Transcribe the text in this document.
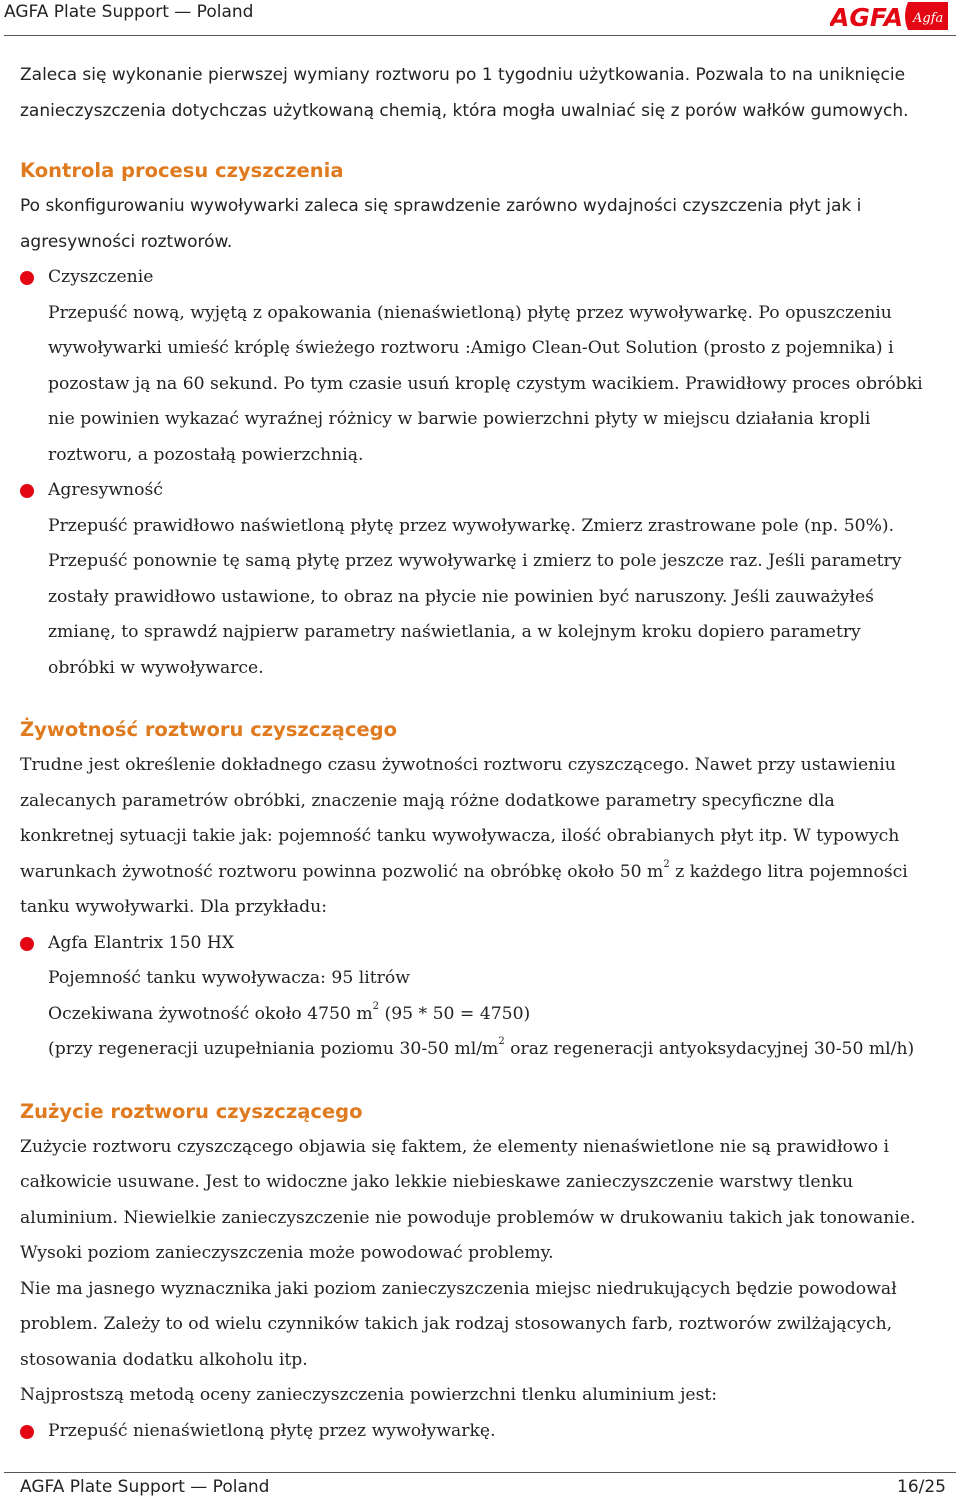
AGFA Plate Support — Poland	AGFA Agfa

Zaleca się wykonanie pierwszej wymiany roztworu po 1 tygodniu użytkowania. Pozwala to na uniknięcie zanieczyszczenia dotychczas użytkowaną chemią, która mogła uwalniać się z porów wałków gumowych.

Kontrola procesu czyszczenia

Po skonfigurowaniu wywoływarki zaleca się sprawdzenie zarówno wydajności czyszczenia płyt jak i agresywności roztworów.

Czyszczenie

Przepuść nową, wyjętą z opakowania (nienaświetloną) płytę przez wywoływarkę. Po opuszczeniu wywoływarki umieść króplę świeżego roztworu :Amigo Clean-Out Solution (prosto z pojemnika) i pozostaw ją na 60 sekund. Po tym czasie usuń kroplę czystym wacikiem. Prawidłowy proces obróbki nie powinien wykazać wyraźnej różnicy w barwie powierzchni płyty w miejscu działania kropli roztworu, a pozostałą powierzchnią.

Agresywność

Przepuść prawidłowo naświetloną płytę przez wywoływarkę. Zmierz zrastrowane pole (np. 50%). Przepuść ponownie tę samą płytę przez wywoływarkę i zmierz to pole jeszcze raz. Jeśli parametry zostały prawidłowo ustawione, to obraz na płycie nie powinien być naruszony. Jeśli zauważyłeś zmianę, to sprawdź najpierw parametry naświetlania, a w kolejnym kroku dopiero parametry obróbki w wywoływarce.

Żywotność roztworu czyszczącego

Trudne jest określenie dokładnego czasu żywotności roztworu czyszczącego. Nawet przy ustawieniu zalecanych parametrów obróbki, znaczenie mają różne dodatkowe parametry specyficzne dla konkretnej sytuacji takie jak: pojemność tanku wywoływacza, ilość obrabianych płyt itp. W typowych warunkach żywotność roztworu powinna pozwolić na obróbkę około 50 $m^2$ z każdego litra pojemności tanku wywoływarki. Dla przykładu:

Agfa Elantrix 150 HX

Pojemność tanku wywoływacza: 95 litrów

Oczekiwana żywotność około 4750 $m^2$ (95 * 50 = 4750)

(przy regeneracji uzupełniania poziomu 30-50 $ml/m^2$ oraz regeneracji antyoksydacyjnej 30-50 ml/h)

Zużycie roztworu czyszczącego

Zużycie roztworu czyszczącego objawia się faktem, że elementy nienaświetlone nie są prawidłowo i całkowicie usuwane. Jest to widoczne jako lekkie niebieskawe zanieczyszczenie warstwy tlenku aluminium. Niewielkie zanieczyszczenie nie powoduje problemów w drukowaniu takich jak tonowanie. Wysoki poziom zanieczyszczenia może powodować problemy.

Nie ma jasnego wyznacznika jaki poziom zanieczyszczenia miejsc niedrukujących będzie powodował problem. Zależy to od wielu czynników takich jak rodzaj stosowanych farb, roztworów zwilżających, stosowania dodatku alkoholu itp.

Najprostszą metodą oceny zanieczyszczenia powierzchni tlenku aluminium jest:

Przepuść nienaświetloną płytę przez wywoływarkę.

AGFA Plate Support — Poland	16/25
